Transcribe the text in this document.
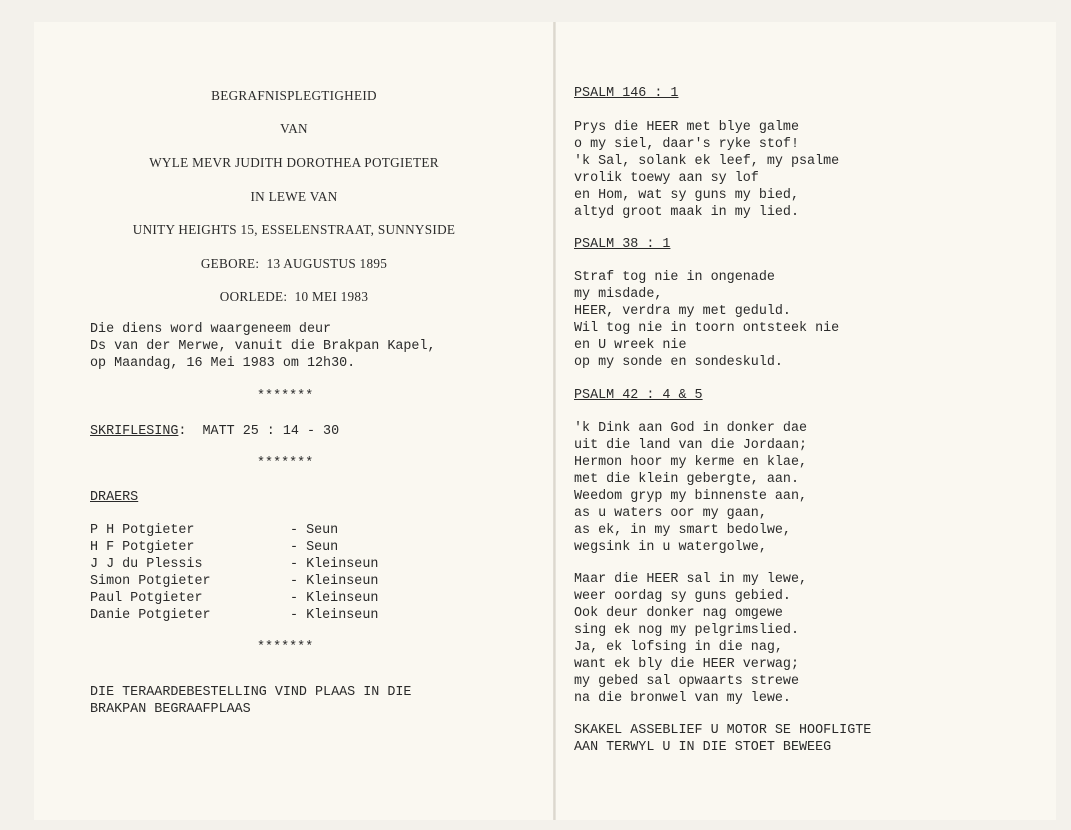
BEGRAFNISPLEGTIGHEID
VAN
WYLE MEVR JUDITH DOROTHEA POTGIETER
IN LEWE VAN
UNITY HEIGHTS 15, ESSELENSTRAAT, SUNNYSIDE
GEBORE: 13 AUGUSTUS 1895
OORLEDE: 10 MEI 1983
Die diens word waargeneem deur
Ds van der Merwe, vanuit die Brakpan Kapel,
op Maandag, 16 Mei 1983 om 12h30.
*******
SKRIFLESING:  MATT 25 : 14 - 30
*******
DRAERS
P H Potgieter	- Seun
H F Potgieter	- Seun
J J du Plessis	- Kleinseun
Simon Potgieter	- Kleinseun
Paul Potgieter	- Kleinseun
Danie Potgieter	- Kleinseun
*******
DIE TERAARDEBESTELLING VIND PLAAS IN DIE
BRAKPAN BEGRAAFPLAAS
PSALM 146 : 1
Prys die HEER met blye galme
o my siel, daar's ryke stof!
'k Sal, solank ek leef, my psalme
vrolik toewy aan sy lof
en Hom, wat sy guns my bied,
altyd groot maak in my lied.
PSALM 38 : 1
Straf tog nie in ongenade
my misdade,
HEER, verdra my met geduld.
Wil tog nie in toorn ontsteek nie
en U wreek nie
op my sonde en sondeskuld.
PSALM 42 : 4 & 5
'k Dink aan God in donker dae
uit die land van die Jordaan;
Hermon hoor my kerme en klae,
met die klein gebergte, aan.
Weedom gryp my binnenste aan,
as u waters oor my gaan,
as ek, in my smart bedolwe,
wegsink in u watergolwe,
Maar die HEER sal in my lewe,
weer oordag sy guns gebied.
Ook deur donker nag omgewe
sing ek nog my pelgrimslied.
Ja, ek lofsing in die nag,
want ek bly die HEER verwag;
my gebed sal opwaarts strewe
na die bronwel van my lewe.
SKAKEL ASSEBLIEF U MOTOR SE HOOFLIGTE
AAN TERWYL U IN DIE STOET BEWEEG
